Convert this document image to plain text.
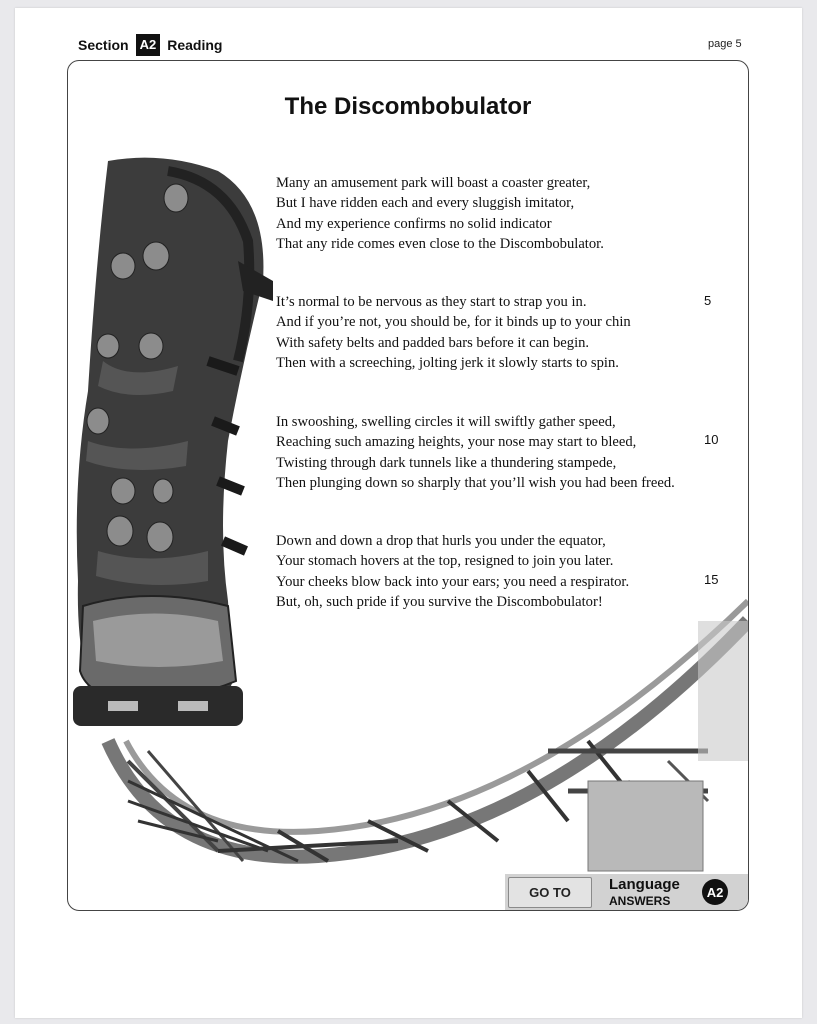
Section A2 Reading	page 5
The Discombobulator
Many an amusement park will boast a coaster greater,
But I have ridden each and every sluggish imitator,
And my experience confirms no solid indicator
That any ride comes even close to the Discombobulator.
It’s normal to be nervous as they start to strap you in.
And if you’re not, you should be, for it binds up to your chin
With safety belts and padded bars before it can begin.
Then with a screeching, jolting jerk it slowly starts to spin.
5
In swooshing, swelling circles it will swiftly gather speed,
Reaching such amazing heights, your nose may start to bleed,
Twisting through dark tunnels like a thundering stampede,
Then plunging down so sharply that you’ll wish you had been freed.
10
Down and down a drop that hurls you under the equator,
Your stomach hovers at the top, resigned to join you later.
Your cheeks blow back into your ears; you need a respirator.
But, oh, such pride if you survive the Discombobulator!
15
GO TO	Language
ANSWERS
A2
